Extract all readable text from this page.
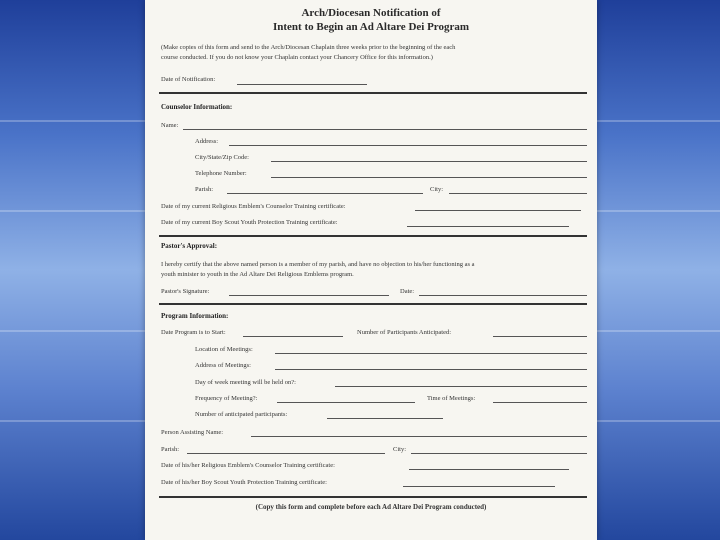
Arch/Diocesan Notification of
Intent to Begin an Ad Altare Dei Program
(Make copies of this form and send to the Arch/Diocesan Chaplain three weeks prior to the beginning of the each
course conducted. If you do not know your Chaplain contact your Chancery Office for this information.)
Date of Notification:
Counselor Information:
Name:
Address:
City/State/Zip Code:
Telephone Number:
Parish:	City:
Date of my current Religious Emblem's Counselor Training certificate:
Date of my current Boy Scout Youth Protection Training certificate:
Pastor's Approval:
I hereby certify that the above named person is a member of my parish, and have no objection to his/her functioning as a
youth minister to youth in the Ad Altare Dei Religious Emblems program.
Pastor's Signature:	Date:
Program Information:
Date Program is to Start:	Number of Participants Anticipated:
Location of Meetings:
Address of Meetings:
Day of week meeting will be held on?:
Frequency of Meeting?:	Time of Meetings:
Number of anticipated participants:
Person Assisting Name:
Parish:	City:
Date of his/her Religious Emblem's Counselor Training certificate:
Date of his/her Boy Scout Youth Protection Training certificate:
(Copy this form and complete before each Ad Altare Dei Program conducted)
